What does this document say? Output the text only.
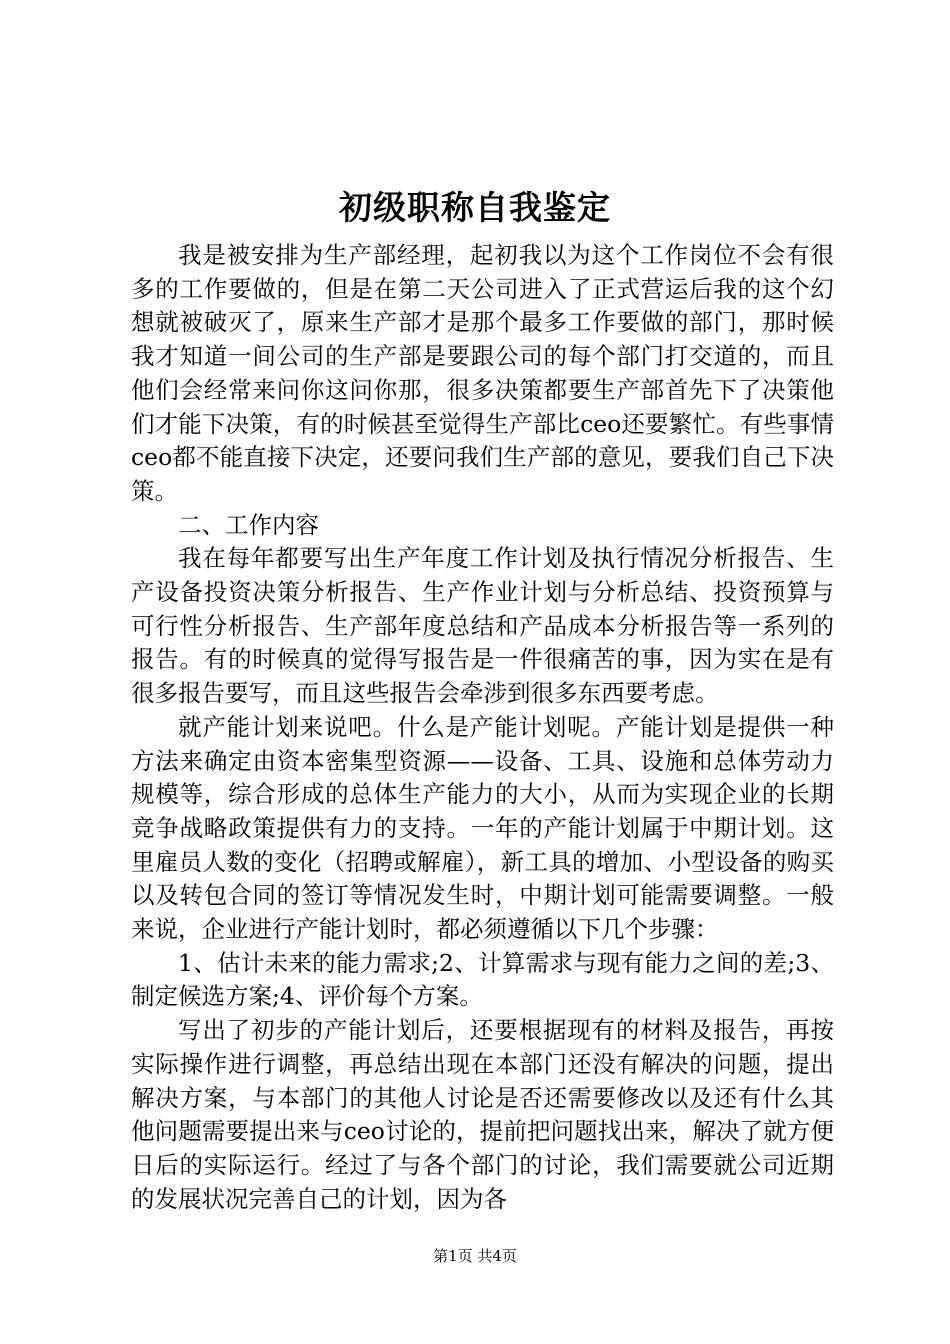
初级职称自我鉴定

我是被安排为生产部经理，起初我以为这个工作岗位不会有很多的工作要做的，但是在第二天公司进入了正式营运后我的这个幻想就被破灭了，原来生产部才是那个最多工作要做的部门，那时候我才知道一间公司的生产部是要跟公司的每个部门打交道的，而且他们会经常来问你这问你那，很多决策都要生产部首先下了决策他们才能下决策，有的时候甚至觉得生产部比ceo还要繁忙。有些事情ceo都不能直接下决定，还要问我们生产部的意见，要我们自己下决策。

二、工作内容

我在每年都要写出生产年度工作计划及执行情况分析报告、生产设备投资决策分析报告、生产作业计划与分析总结、投资预算与可行性分析报告、生产部年度总结和产品成本分析报告等一系列的报告。有的时候真的觉得写报告是一件很痛苦的事，因为实在是有很多报告要写，而且这些报告会牵涉到很多东西要考虑。

就产能计划来说吧。什么是产能计划呢。产能计划是提供一种方法来确定由资本密集型资源——设备、工具、设施和总体劳动力规模等，综合形成的总体生产能力的大小，从而为实现企业的长期竞争战略政策提供有力的支持。一年的产能计划属于中期计划。这里雇员人数的变化（招聘或解雇），新工具的增加、小型设备的购买以及转包合同的签订等情况发生时，中期计划可能需要调整。一般来说，企业进行产能计划时，都必须遵循以下几个步骤：

1、估计未来的能力需求;2、计算需求与现有能力之间的差;3、制定候选方案;4、评价每个方案。

写出了初步的产能计划后，还要根据现有的材料及报告，再按实际操作进行调整，再总结出现在本部门还没有解决的问题，提出解决方案，与本部门的其他人讨论是否还需要修改以及还有什么其他问题需要提出来与ceo讨论的，提前把问题找出来，解决了就方便日后的实际运行。经过了与各个部门的讨论，我们需要就公司近期的发展状况完善自己的计划，因为各

第1页 共4页
